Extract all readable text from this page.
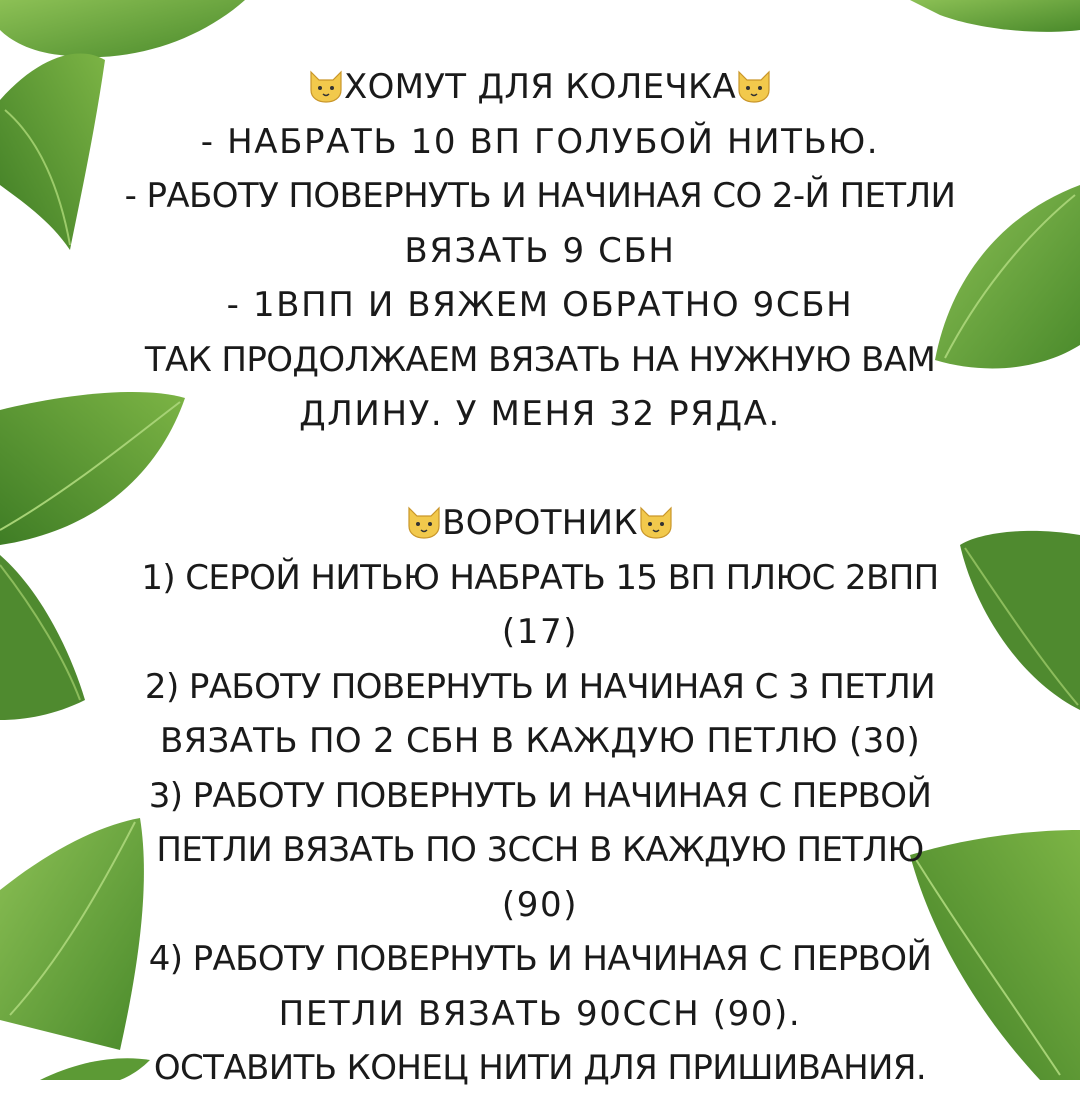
ХОМУТ ДЛЯ КОЛЕЧКА
- НАБРАТЬ 10 ВП ГОЛУБОЙ НИТЬЮ.
- РАБОТУ ПОВЕРНУТЬ И НАЧИНАЯ СО 2-Й ПЕТЛИ
ВЯЗАТЬ 9 СБН
- 1ВПП И ВЯЖЕМ ОБРАТНО 9СБН
ТАК ПРОДОЛЖАЕМ ВЯЗАТЬ НА НУЖНУЮ ВАМ
ДЛИНУ. У МЕНЯ 32 РЯДА.
ВОРОТНИК
1) СЕРОЙ НИТЬЮ НАБРАТЬ 15 ВП ПЛЮС 2ВПП
(17)
2) РАБОТУ ПОВЕРНУТЬ И НАЧИНАЯ С 3 ПЕТЛИ
ВЯЗАТЬ ПО 2 СБН В КАЖДУЮ ПЕТЛЮ (30)
3) РАБОТУ ПОВЕРНУТЬ И НАЧИНАЯ С ПЕРВОЙ
ПЕТЛИ ВЯЗАТЬ ПО 3ССН В КАЖДУЮ ПЕТЛЮ
(90)
4) РАБОТУ ПОВЕРНУТЬ И НАЧИНАЯ С ПЕРВОЙ
ПЕТЛИ ВЯЗАТЬ 90ССН (90).
ОСТАВИТЬ КОНЕЦ НИТИ ДЛЯ ПРИШИВАНИЯ.
